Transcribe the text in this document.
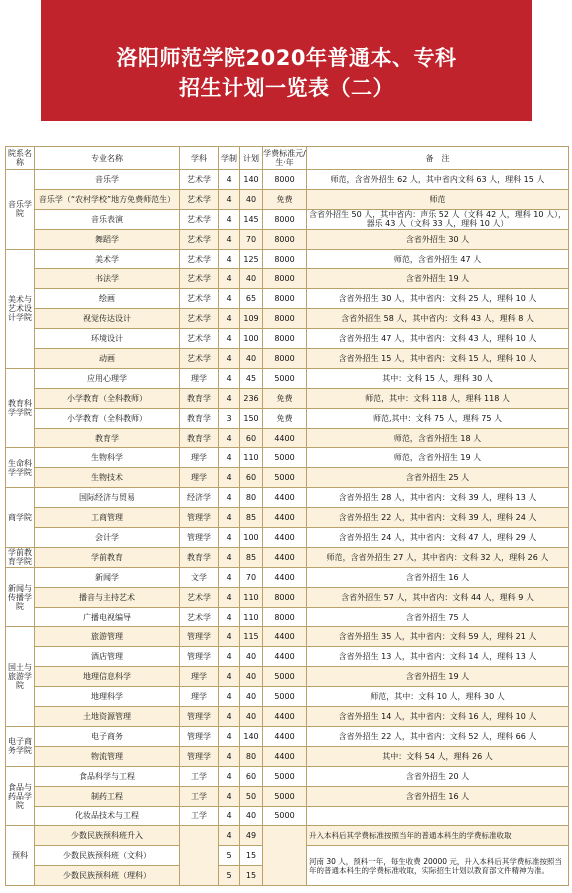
洛阳师范学院2020年普通本、专科
招生计划一览表（二）
院系名称	专业名称	学科	学制	计划	学费标准元/生·年	备　注
音乐学院	音乐学	艺术学	4	140	8000	师范，含省外招生 62 人，其中省内文科 63 人，理科 15 人
	音乐学（“农村学校”地方免费师范生）	艺术学	4	40	免费	师范
	音乐表演	艺术学	4	145	8000	含省外招生 50 人，其中省内：声乐 52 人（文科 42 人，理科 10 人），器乐 43 人（文科 33 人，理科 10 人）
	舞蹈学	艺术学	4	70	8000	含省外招生 30 人
美术与艺术设计学院	美术学	艺术学	4	125	8000	师范，含省外招生 47 人
	书法学	艺术学	4	40	8000	含省外招生 19 人
	绘画	艺术学	4	65	8000	含省外招生 30 人，其中省内：文科 25 人，理科 10 人
	视觉传达设计	艺术学	4	109	8000	含省外招生 58 人，其中省内：文科 43 人，理科 8 人
	环境设计	艺术学	4	100	8000	含省外招生 47 人，其中省内：文科 43 人，理科 10 人
	动画	艺术学	4	40	8000	含省外招生 15 人，其中省内：文科 15 人，理科 10 人
教育科学学院	应用心理学	理学	4	45	5000	其中：文科 15 人，理科 30 人
	小学教育（全科教师）	教育学	4	236	免费	师范，其中：文科 118 人，理科 118 人
	小学教育（全科教师）	教育学	3	150	免费	师范,其中：文科 75 人，理科 75 人
	教育学	教育学	4	60	4400	师范，含省外招生 18 人
生命科学学院	生物科学	理学	4	110	5000	师范，含省外招生 19 人
	生物技术	理学	4	60	5000	含省外招生 25 人
商学院	国际经济与贸易	经济学	4	80	4400	含省外招生 28 人，其中省内：文科 39 人，理科 13 人
	工商管理	管理学	4	85	4400	含省外招生 22 人，其中省内：文科 39 人，理科 24 人
	会计学	管理学	4	100	4400	含省外招生 24 人，其中省内：文科 47 人，理科 29 人
学前教育学院	学前教育	教育学	4	85	4400	师范，含省外招生 27 人，其中省内：文科 32 人，理科 26 人
新闻与传播学院	新闻学	文学	4	70	4400	含省外招生 16 人
	播音与主持艺术	艺术学	4	110	8000	含省外招生 57 人，其中省内：文科 44 人，理科 9 人
	广播电视编导	艺术学	4	110	8000	含省外招生 75 人
国土与旅游学院	旅游管理	管理学	4	115	4400	含省外招生 35 人，其中省内：文科 59 人，理科 21 人
	酒店管理	管理学	4	40	4400	含省外招生 13 人，其中省内：文科 14 人，理科 13 人
	地理信息科学	理学	4	40	5000	含省外招生 19 人
	地理科学	理学	4	40	5000	师范，其中：文科 10 人，理科 30 人
	土地资源管理	管理学	4	40	4400	含省外招生 14 人，其中省内：文科 16 人，理科 10 人
电子商务学院	电子商务	管理学	4	140	4400	含省外招生 22 人，其中省内：文科 52 人，理科 66 人
	物流管理	管理学	4	80	4400	其中：文科 54 人，理科 26 人
食品与药品学院	食品科学与工程	工学	4	60	5000	含省外招生 20 人
	制药工程	工学	4	50	5000	含省外招生 16 人
	化妆品技术与工程	工学	4	40	5000	
预科	少数民族预科班升入		4	49		升入本科后其学费标准按照当年的普通本科生的学费标准收取
	少数民族预科班（文科）		5	15		河南 30 人，预科一年，每生收费 20000 元，升入本科后其学费标准按照当年的普通本科生的学费标准收取，实际招生计划以教育部文件精神为准。
	少数民族预科班（理科）		5	15		
